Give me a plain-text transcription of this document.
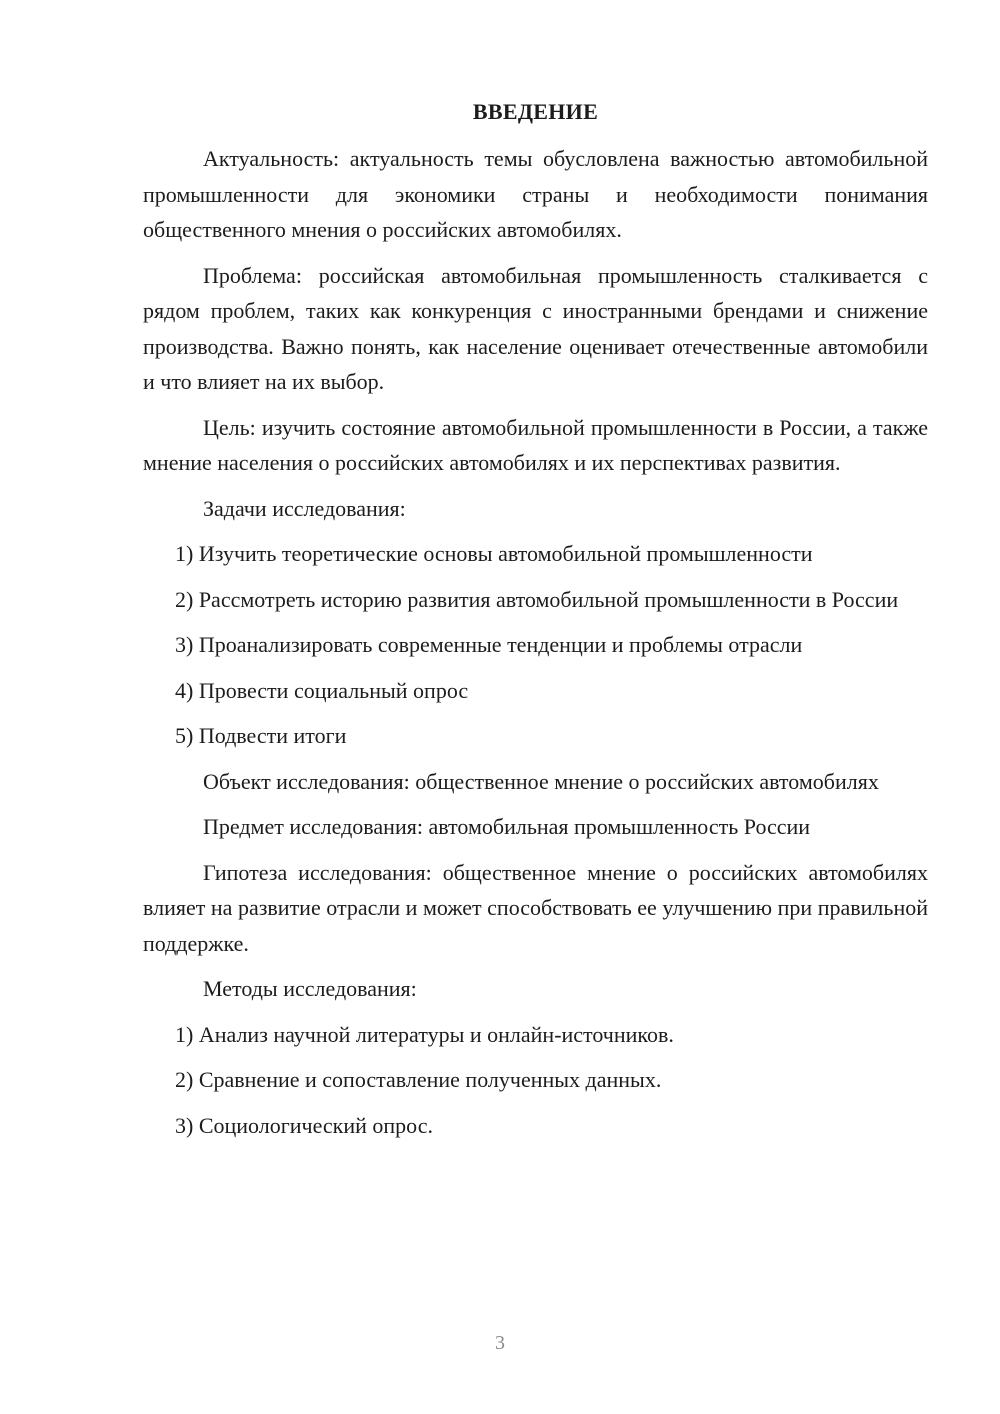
ВВЕДЕНИЕ

Актуальность: актуальность темы обусловлена важностью автомобильной промышленности для экономики страны и необходимости понимания общественного мнения о российских автомобилях.

Проблема: российская автомобильная промышленность сталкивается с рядом проблем, таких как конкуренция с иностранными брендами и снижение производства. Важно понять, как население оценивает отечественные автомобили и что влияет на их выбор.

Цель: изучить состояние автомобильной промышленности в России, а также мнение населения о российских автомобилях и их перспективах развития.

Задачи исследования:

1) Изучить теоретические основы автомобильной промышленности

2) Рассмотреть историю развития автомобильной промышленности в России

3) Проанализировать современные тенденции и проблемы отрасли

4) Провести социальный опрос

5) Подвести итоги

Объект исследования: общественное мнение о российских автомобилях

Предмет исследования: автомобильная промышленность России

Гипотеза исследования: общественное мнение о российских автомобилях влияет на развитие отрасли и может способствовать ее улучшению при правильной поддержке.

Методы исследования:

1) Анализ научной литературы и онлайн-источников.

2) Сравнение и сопоставление полученных данных.

3) Социологический опрос.

3
